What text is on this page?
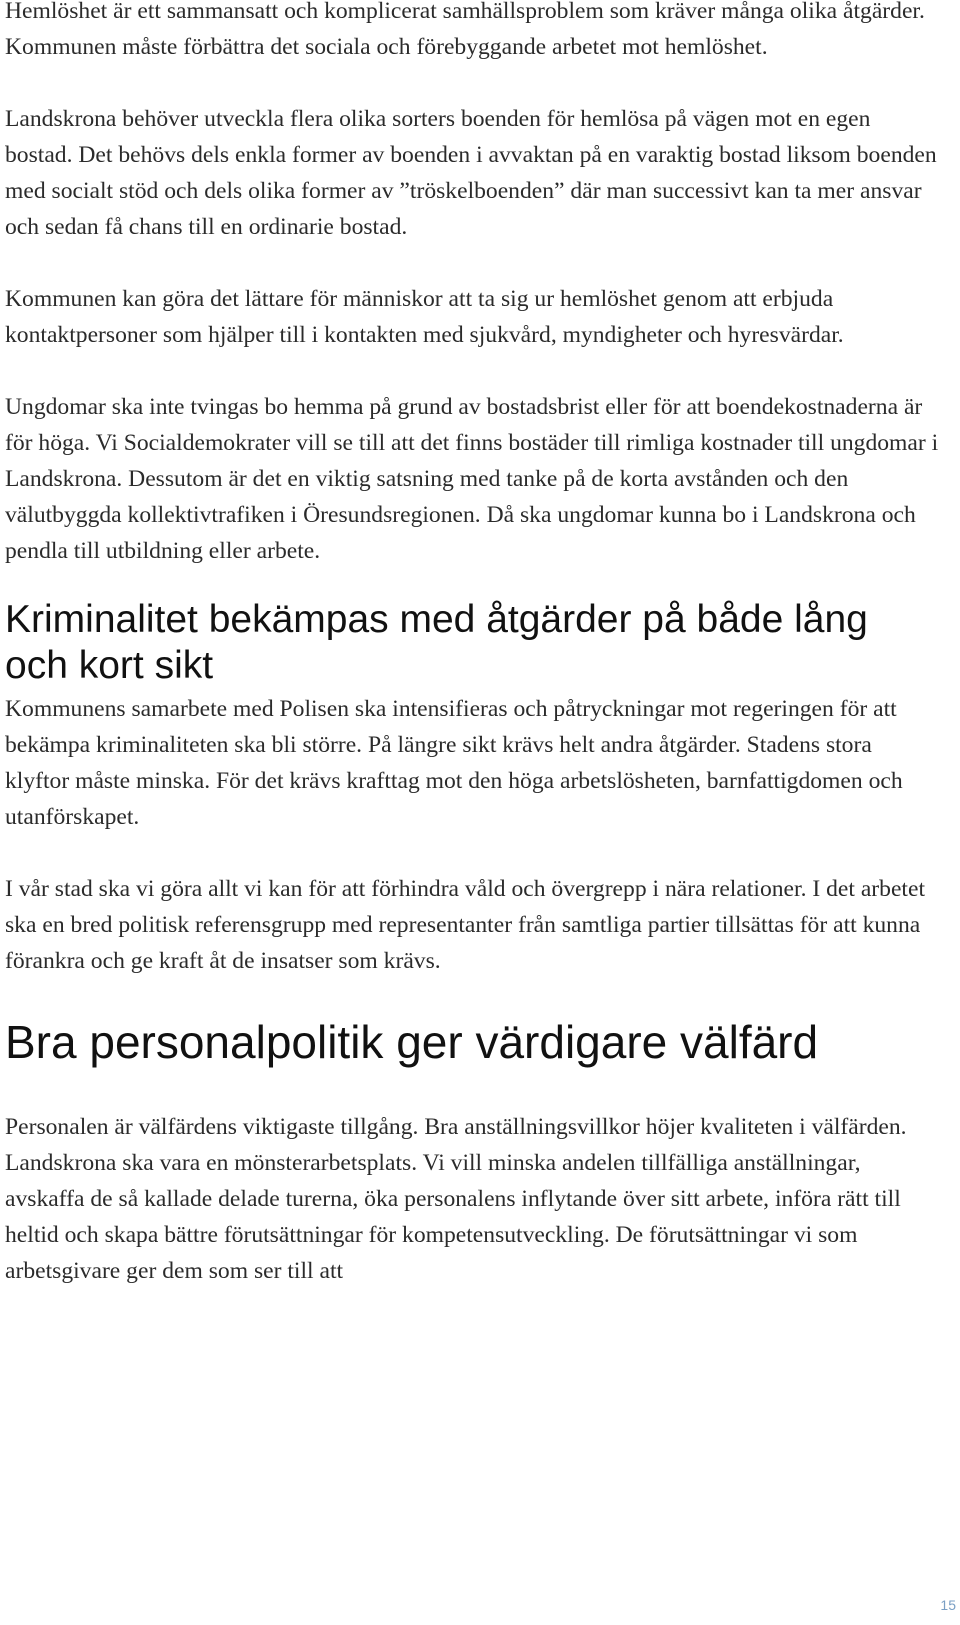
Hemlöshet är ett sammansatt och komplicerat samhällsproblem som kräver många olika åtgärder. Kommunen måste förbättra det sociala och förebyggande arbetet mot hemlöshet.

Landskrona behöver utveckla flera olika sorters boenden för hemlösa på vägen mot en egen bostad. Det behövs dels enkla former av boenden i avvaktan på en varaktig bostad liksom boenden med socialt stöd och dels olika former av ”tröskelboenden” där man successivt kan ta mer ansvar och sedan få chans till en ordinarie bostad.

Kommunen kan göra det lättare för människor att ta sig ur hemlöshet genom att erbjuda kontaktpersoner som hjälper till i kontakten med sjukvård, myndigheter och hyresvärdar.

Ungdomar ska inte tvingas bo hemma på grund av bostadsbrist eller för att boendekostnaderna är för höga. Vi Socialdemokrater vill se till att det finns bostäder till rimliga kostnader till ungdomar i Landskrona. Dessutom är det en viktig satsning med tanke på de korta avstånden och den välutbyggda kollektivtrafiken i Öresundsregionen. Då ska ungdomar kunna bo i Landskrona och pendla till utbildning eller arbete.

Kriminalitet bekämpas med åtgärder på både lång och kort sikt

Kommunens samarbete med Polisen ska intensifieras och påtryckningar mot regeringen för att bekämpa kriminaliteten ska bli större. På längre sikt krävs helt andra åtgärder. Stadens stora klyftor måste minska. För det krävs krafttag mot den höga arbetslösheten, barnfattigdomen och utanförskapet.

I vår stad ska vi göra allt vi kan för att förhindra våld och övergrepp i nära relationer. I det arbetet ska en bred politisk referensgrupp med representanter från samtliga partier tillsättas för att kunna förankra och ge kraft åt de insatser som krävs.

Bra personalpolitik ger värdigare välfärd

Personalen är välfärdens viktigaste tillgång. Bra anställningsvillkor höjer kvaliteten i välfärden. Landskrona ska vara en mönsterarbetsplats. Vi vill minska andelen tillfälliga anställningar, avskaffa de så kallade delade turerna, öka personalens inflytande över sitt arbete, införa rätt till heltid och skapa bättre förutsättningar för kompetensutveckling. De förutsättningar vi som arbetsgivare ger dem som ser till att

15
